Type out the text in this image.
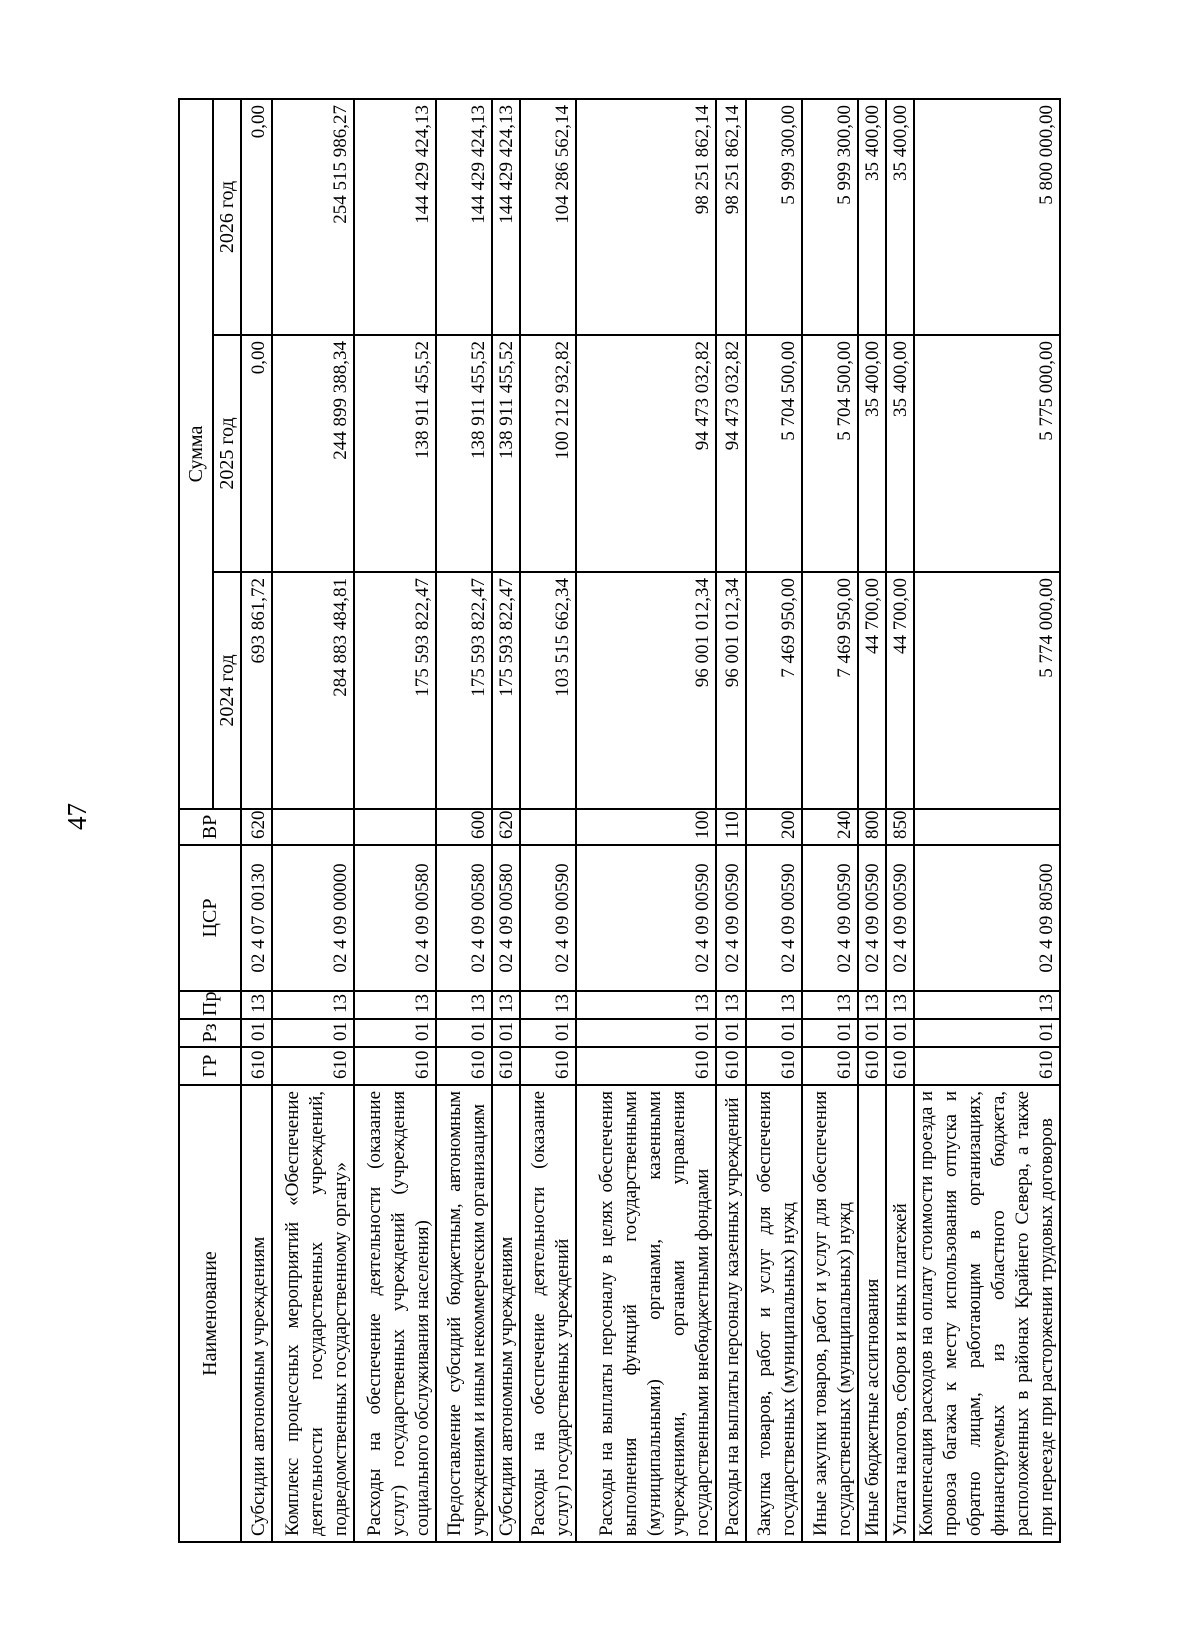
47
Наименование	ГР	Рз	Пр	ЦСР	ВР	Сумма		
						2024 год	2025 год	2026 год
Субсидии автономным учреждениям	610	01	13	02 4 07 00130	620	693 861,72	0,00	0,00
Комплекс процессных мероприятий «Обеспечение деятельности государственных учреждений, подведомственных государственному органу»	610	01	13	02 4 09 00000		284 883 484,81	244 899 388,34	254 515 986,27
Расходы на обеспечение деятельности (оказание услуг) государственных учреждений (учреждения социального обслуживания населения)	610	01	13	02 4 09 00580		175 593 822,47	138 911 455,52	144 429 424,13
Предоставление субсидий бюджетным, автономным учреждениям и иным некоммерческим организациям	610	01	13	02 4 09 00580	600	175 593 822,47	138 911 455,52	144 429 424,13
Субсидии автономным учреждениям	610	01	13	02 4 09 00580	620	175 593 822,47	138 911 455,52	144 429 424,13
Расходы на обеспечение деятельности (оказание услуг) государственных учреждений	610	01	13	02 4 09 00590		103 515 662,34	100 212 932,82	104 286 562,14
Расходы на выплаты персоналу в целях обеспечения выполнения функций государственными (муниципальными) органами, казенными учреждениями, органами управления государственными внебюджетными фондами	610	01	13	02 4 09 00590	100	96 001 012,34	94 473 032,82	98 251 862,14
Расходы на выплаты персоналу казенных учреждений	610	01	13	02 4 09 00590	110	96 001 012,34	94 473 032,82	98 251 862,14
Закупка товаров, работ и услуг для обеспечения государственных (муниципальных) нужд	610	01	13	02 4 09 00590	200	7 469 950,00	5 704 500,00	5 999 300,00
Иные закупки товаров, работ и услуг для обеспечения государственных (муниципальных) нужд	610	01	13	02 4 09 00590	240	7 469 950,00	5 704 500,00	5 999 300,00
Иные бюджетные ассигнования	610	01	13	02 4 09 00590	800	44 700,00	35 400,00	35 400,00
Уплата налогов, сборов и иных платежей	610	01	13	02 4 09 00590	850	44 700,00	35 400,00	35 400,00
Компенсация расходов на оплату стоимости проезда и провоза багажа к месту использования отпуска и обратно лицам, работающим в организациях, финансируемых из областного бюджета, расположенных в районах Крайнего Севера, а также при переезде при расторжении трудовых договоров	610	01	13	02 4 09 80500		5 774 000,00	5 775 000,00	5 800 000,00
